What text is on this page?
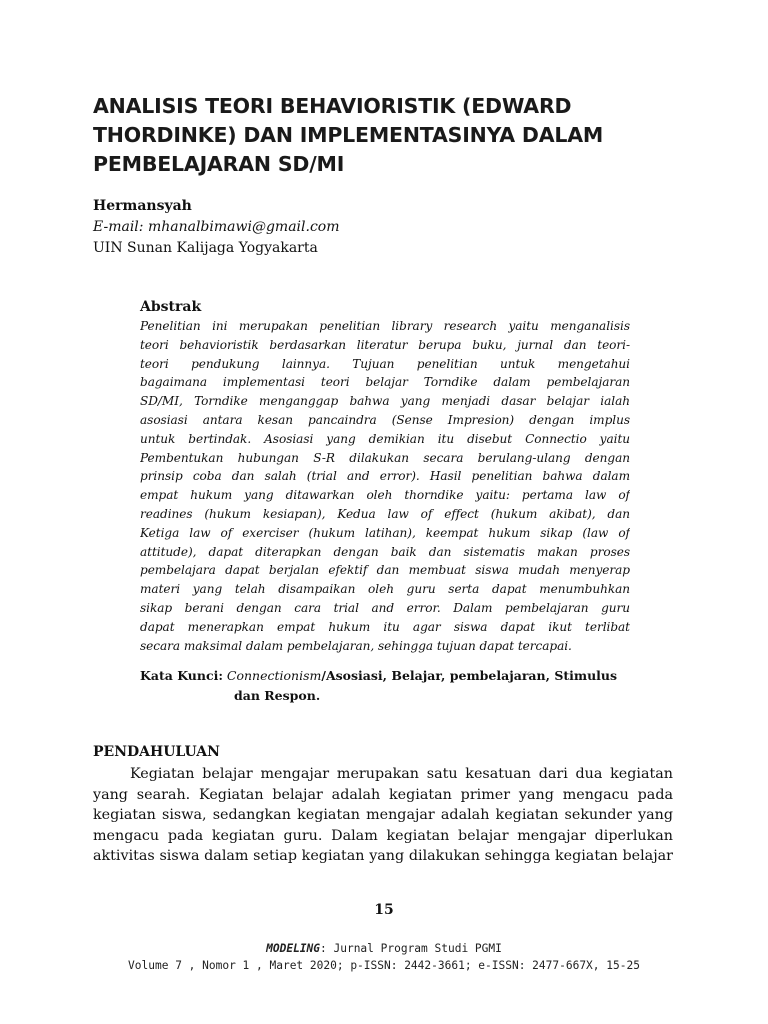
ANALISIS TEORI BEHAVIORISTIK (EDWARD
THORDINKE) DAN IMPLEMENTASINYA DALAM
PEMBELAJARAN SD/MI
Hermansyah
E-mail: mhanalbimawi@gmail.com
UIN Sunan Kalijaga Yogyakarta

Abstrak

Penelitian ini merupakan penelitian library research yaitu menganalisis
teori behavioristik berdasarkan literatur berupa buku, jurnal dan teori-
teori pendukung lainnya. Tujuan penelitian untuk mengetahui
bagaimana implementasi teori belajar Torndike dalam pembelajaran
SD/MI, Torndike menganggap bahwa yang menjadi dasar belajar ialah
asosiasi antara kesan pancaindra (Sense Impresion) dengan implus
untuk bertindak. Asosiasi yang demikian itu disebut Connectio yaitu
Pembentukan hubungan S-R dilakukan secara berulang-ulang dengan
prinsip coba dan salah (trial and error). Hasil penelitian bahwa dalam
empat hukum yang ditawarkan oleh thorndike yaitu: pertama law of
readines (hukum kesiapan), Kedua law of effect (hukum akibat), dan
Ketiga law of exerciser (hukum latihan), keempat hukum sikap (law of
attitude), dapat diterapkan dengan baik dan sistematis makan proses
pembelajara dapat berjalan efektif dan membuat siswa mudah menyerap
materi yang telah disampaikan oleh guru serta dapat menumbuhkan
sikap berani dengan cara trial and error. Dalam pembelajaran guru
dapat menerapkan empat hukum itu agar siswa dapat ikut terlibat
secara maksimal dalam pembelajaran, sehingga tujuan dapat tercapai.

Kata Kunci: Connectionism/Asosiasi, Belajar, pembelajaran, Stimulus
dan Respon.
PENDAHULUAN
Kegiatan belajar mengajar merupakan satu kesatuan dari dua kegiatan
yang searah. Kegiatan belajar adalah kegiatan primer yang mengacu pada
kegiatan siswa, sedangkan kegiatan mengajar adalah kegiatan sekunder yang
mengacu pada kegiatan guru. Dalam kegiatan belajar mengajar diperlukan
aktivitas siswa dalam setiap kegiatan yang dilakukan sehingga kegiatan belajar
15
MODELING: Jurnal Program Studi PGMI
Volume 7 , Nomor 1 , Maret 2020; p-ISSN: 2442-3661; e-ISSN: 2477-667X, 15-25
